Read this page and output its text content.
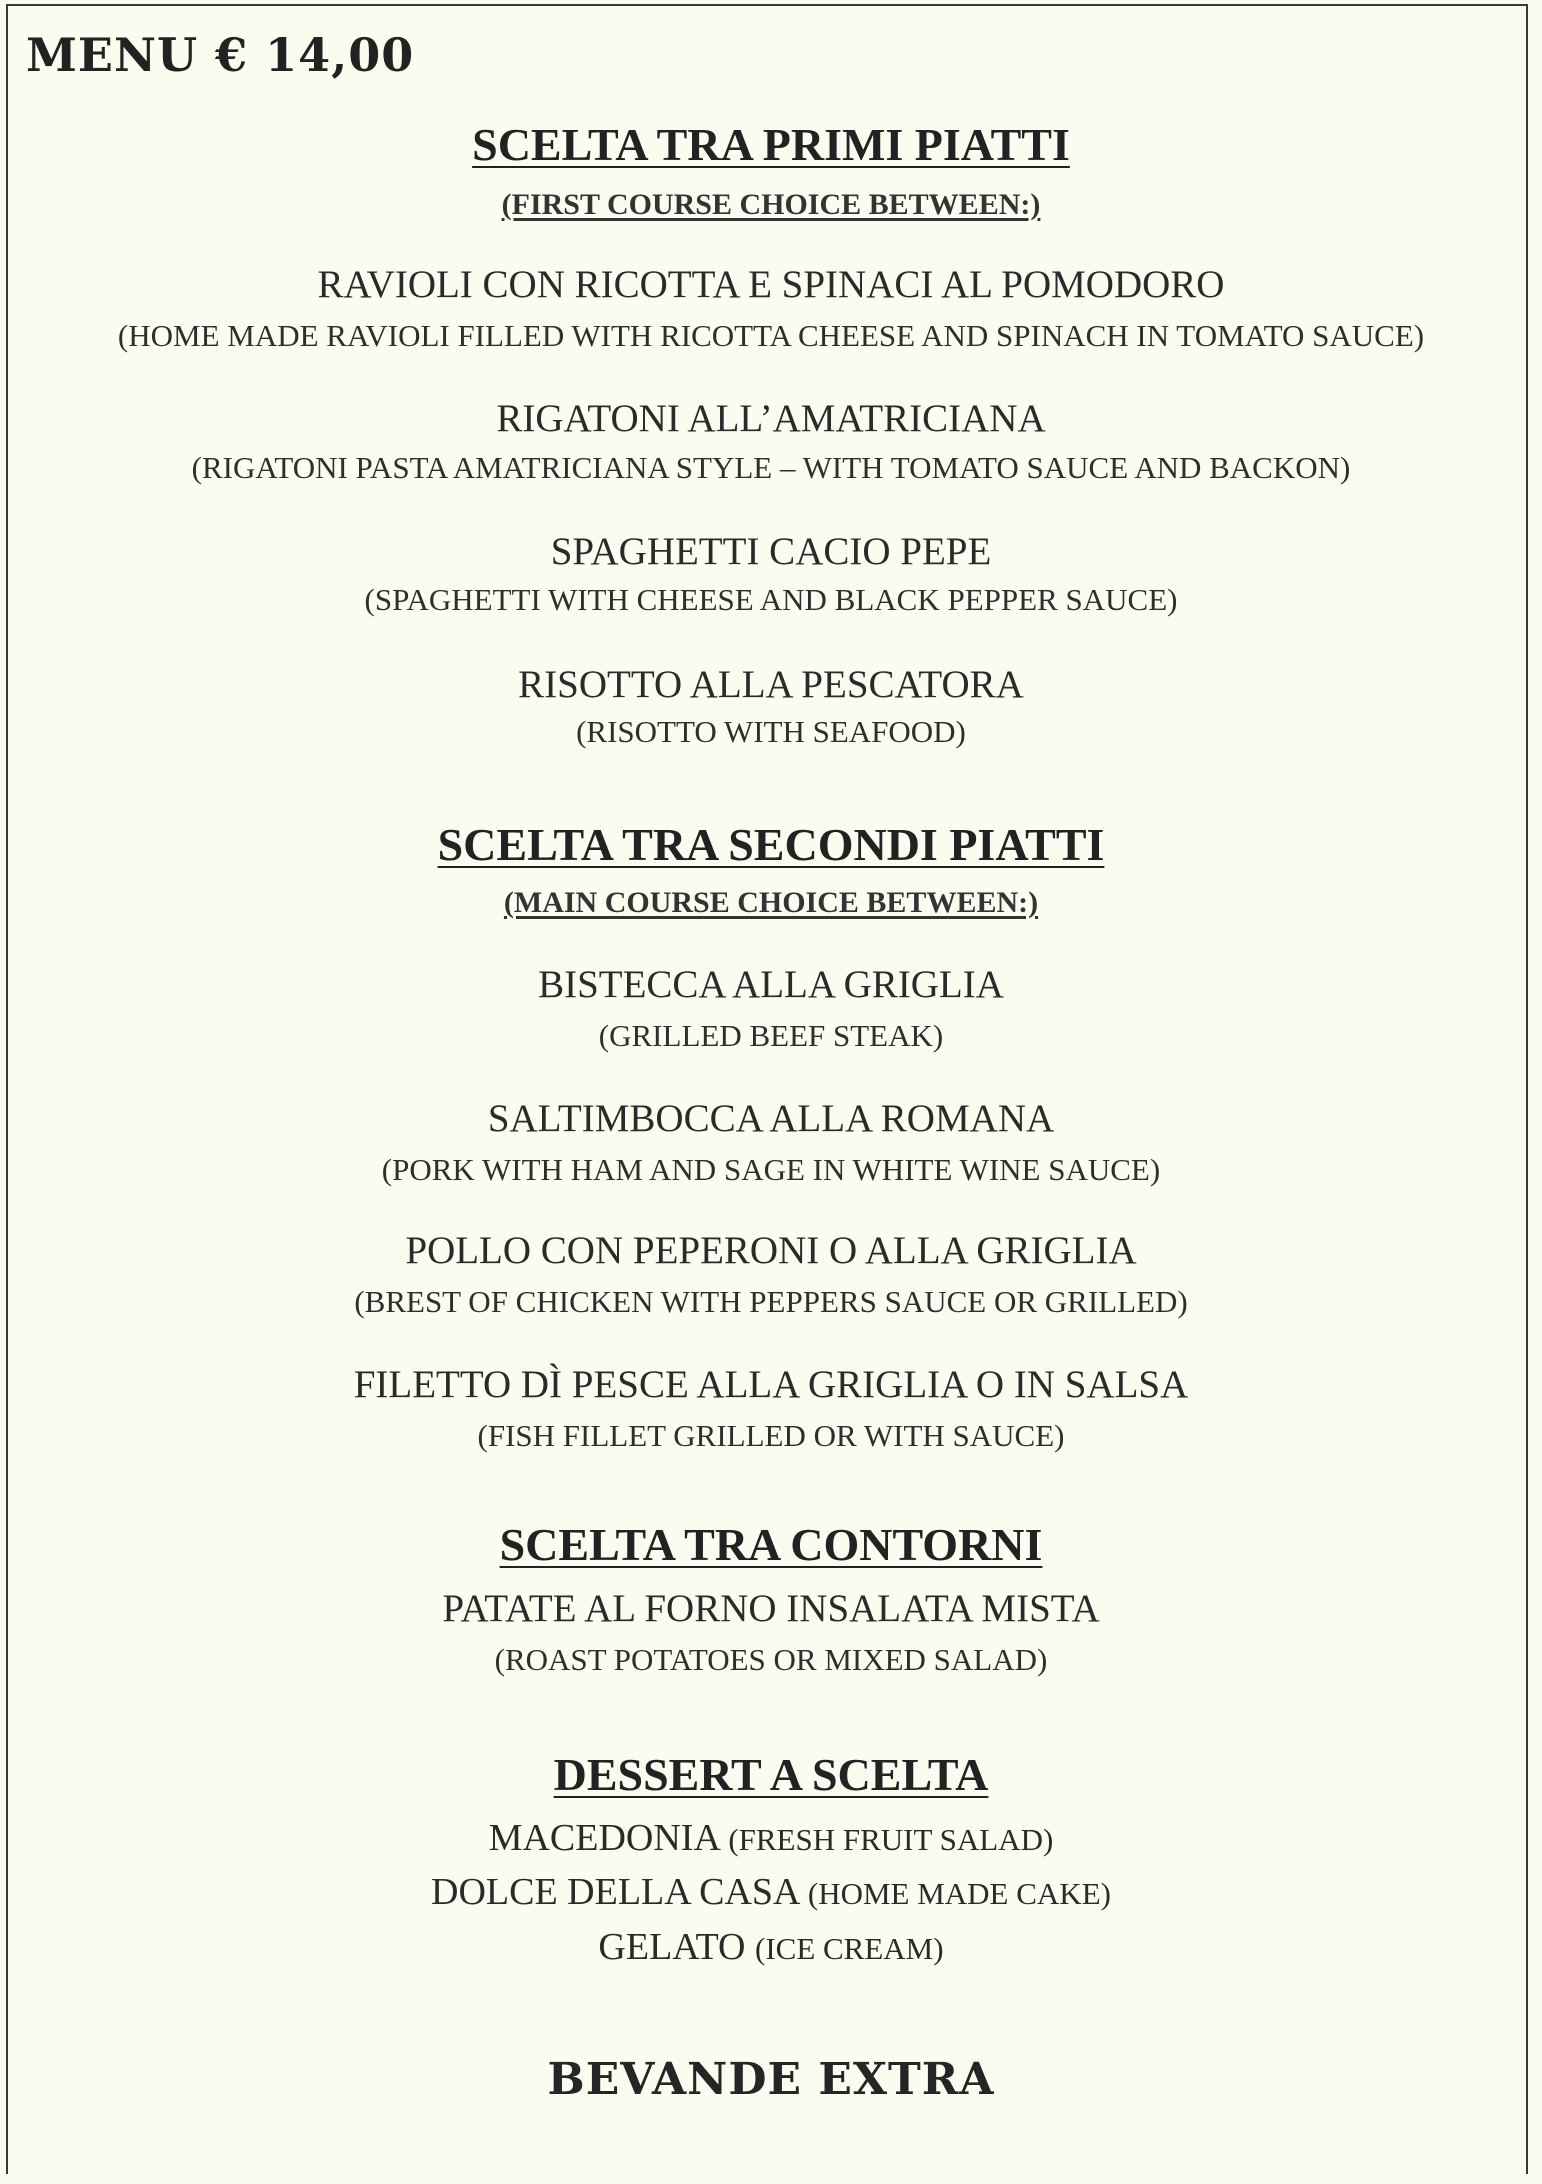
MENU € 14,00
SCELTA TRA PRIMI PIATTI
(FIRST COURSE CHOICE BETWEEN:)
RAVIOLI CON RICOTTA E SPINACI AL POMODORO
(HOME MADE RAVIOLI FILLED WITH RICOTTA CHEESE AND SPINACH IN TOMATO SAUCE)
RIGATONI ALL’AMATRICIANA
(RIGATONI PASTA AMATRICIANA STYLE – WITH TOMATO SAUCE AND BACKON)
SPAGHETTI CACIO PEPE
(SPAGHETTI WITH CHEESE AND BLACK PEPPER SAUCE)
RISOTTO ALLA PESCATORA
(RISOTTO WITH SEAFOOD)
SCELTA TRA SECONDI PIATTI
(MAIN COURSE CHOICE BETWEEN:)
BISTECCA ALLA GRIGLIA
(GRILLED BEEF STEAK)
SALTIMBOCCA ALLA ROMANA
(PORK WITH HAM AND SAGE IN WHITE WINE SAUCE)
POLLO CON PEPERONI O ALLA GRIGLIA
(BREST OF CHICKEN WITH PEPPERS SAUCE OR GRILLED)
FILETTO DÌ PESCE ALLA GRIGLIA O IN SALSA
(FISH FILLET GRILLED OR WITH SAUCE)
SCELTA TRA CONTORNI
PATATE AL FORNO INSALATA MISTA
(ROAST POTATOES OR MIXED SALAD)
DESSERT A SCELTA
MACEDONIA (FRESH FRUIT SALAD)
DOLCE DELLA CASA (HOME MADE CAKE)
GELATO (ICE CREAM)
BEVANDE EXTRA
